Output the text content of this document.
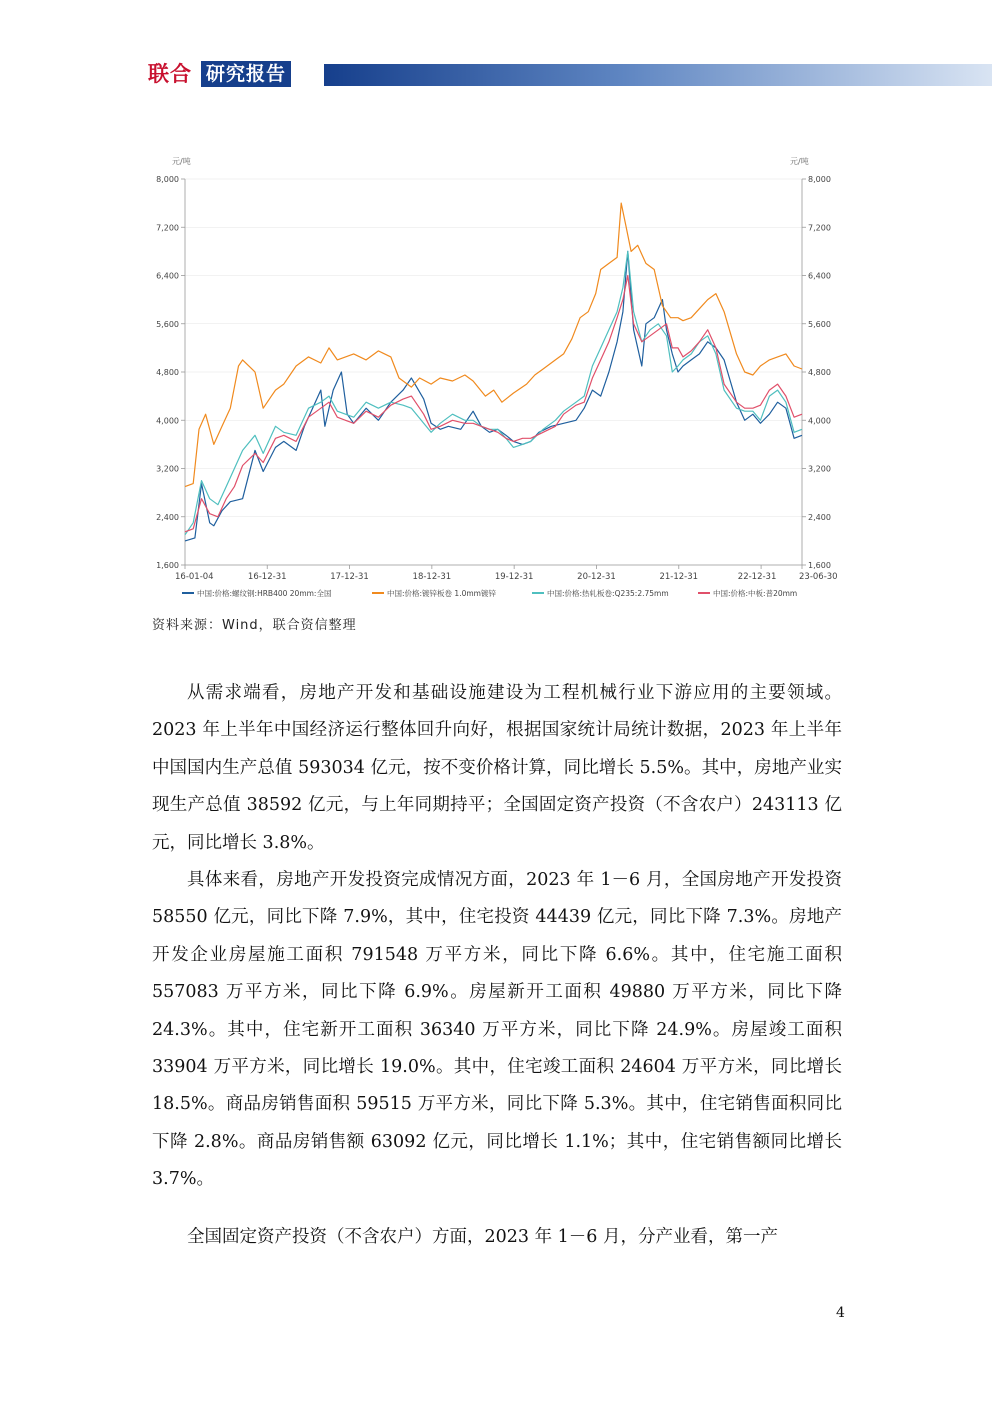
联合 研究报告
元/吨
1,600
2,400
3,200
4,000
4,800
5,600
6,400
7,200
8,000
元/吨
1,600
2,400
3,200
4,000
4,800
5,600
6,400
7,200
8,000
16-01-04	16-12-31	17-12-31	18-12-31	19-12-31	20-12-31	21-12-31	22-12-31	23-06-30
中国:价格:螺纹钢:HRB400 20mm:全国	中国:价格:镀锌板卷 1.0mm镀锌	中国:价格:热轧板卷:Q235:2.75mm	中国:价格:中板:普20mm
资料来源：Wind，联合资信整理

从需求端看，房地产开发和基础设施建设为工程机械行业下游应用的主要领域。2023 年上半年中国经济运行整体回升向好，根据国家统计局统计数据，2023 年上半年中国国内生产总值 593034 亿元，按不变价格计算，同比增长 5.5%。其中，房地产业实现生产总值 38592 亿元，与上年同期持平；全国固定资产投资（不含农户）243113 亿元，同比增长 3.8%。

具体来看，房地产开发投资完成情况方面，2023 年 1－6 月，全国房地产开发投资 58550 亿元，同比下降 7.9%，其中，住宅投资 44439 亿元，同比下降 7.3%。房地产开发企业房屋施工面积 791548 万平方米，同比下降 6.6%。其中，住宅施工面积 557083 万平方米，同比下降 6.9%。房屋新开工面积 49880 万平方米，同比下降 24.3%。其中，住宅新开工面积 36340 万平方米，同比下降 24.9%。房屋竣工面积 33904 万平方米，同比增长 19.0%。其中，住宅竣工面积 24604 万平方米，同比增长 18.5%。商品房销售面积 59515 万平方米，同比下降 5.3%。其中，住宅销售面积同比下降 2.8%。商品房销售额 63092 亿元，同比增长 1.1%；其中，住宅销售额同比增长 3.7%。

全国固定资产投资（不含农户）方面，2023 年 1－6 月，分产业看，第一产

4
